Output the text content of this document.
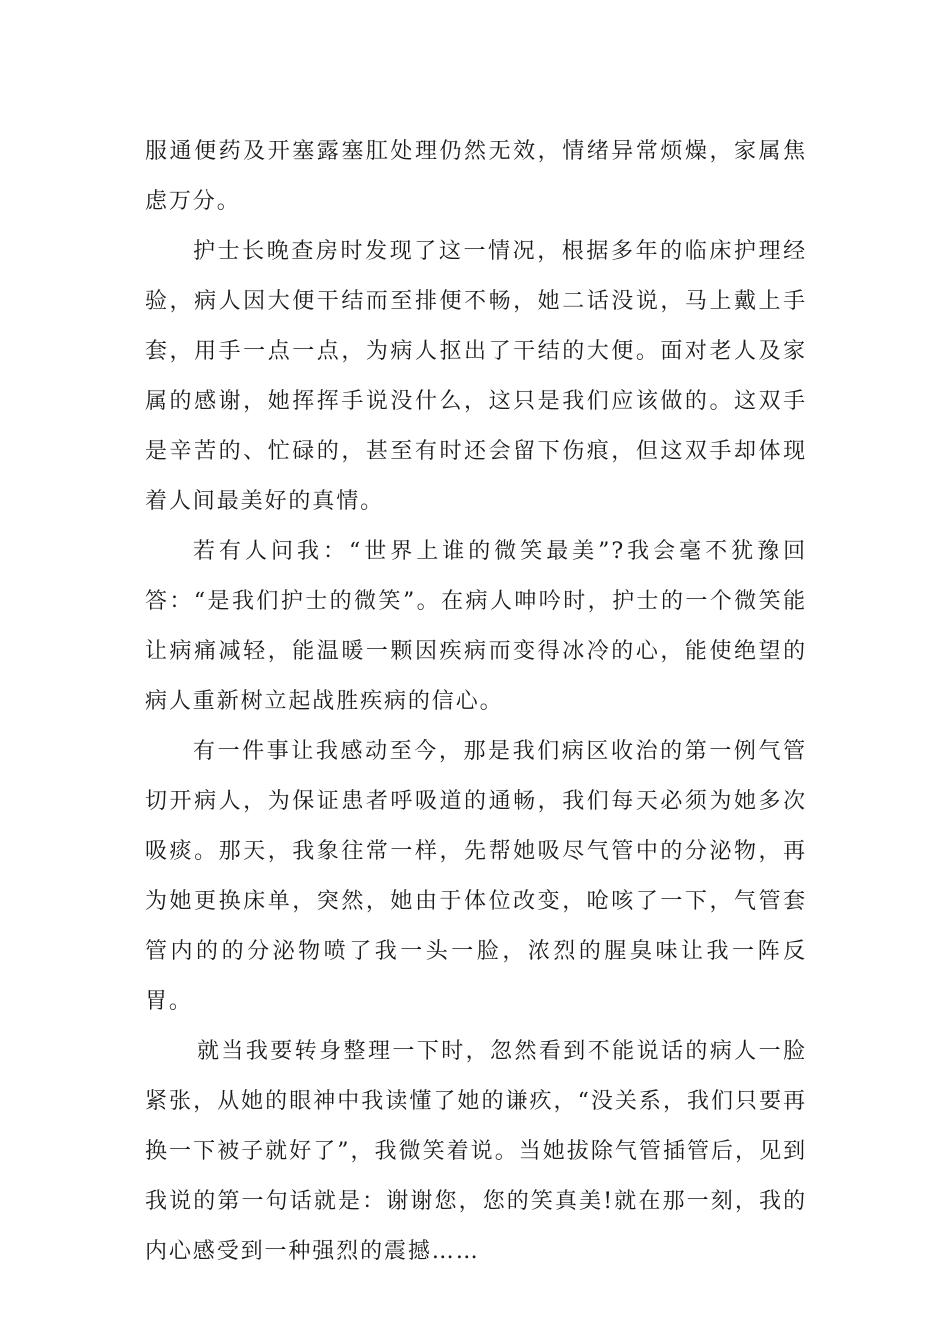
服通便药及开塞露塞肛处理仍然无效，情绪异常烦燥，家属焦虑万分。

护士长晚查房时发现了这一情况，根据多年的临床护理经验，病人因大便干结而至排便不畅，她二话没说，马上戴上手套，用手一点一点，为病人抠出了干结的大便。面对老人及家属的感谢，她挥挥手说没什么，这只是我们应该做的。这双手是辛苦的、忙碌的，甚至有时还会留下伤痕，但这双手却体现着人间最美好的真情。

若有人问我：“世界上谁的微笑最美”?我会毫不犹豫回答：“是我们护士的微笑”。在病人呻吟时，护士的一个微笑能让病痛减轻，能温暖一颗因疾病而变得冰冷的心，能使绝望的病人重新树立起战胜疾病的信心。

有一件事让我感动至今，那是我们病区收治的第一例气管切开病人，为保证患者呼吸道的通畅，我们每天必须为她多次吸痰。那天，我象往常一样，先帮她吸尽气管中的分泌物，再为她更换床单，突然，她由于体位改变，呛咳了一下，气管套管内的的分泌物喷了我一头一脸，浓烈的腥臭味让我一阵反胃。

就当我要转身整理一下时，忽然看到不能说话的病人一脸紧张，从她的眼神中我读懂了她的谦疚，“没关系，我们只要再换一下被子就好了”，我微笑着说。当她拔除气管插管后，见到我说的第一句话就是：谢谢您，您的笑真美!就在那一刻，我的内心感受到一种强烈的震撼……
